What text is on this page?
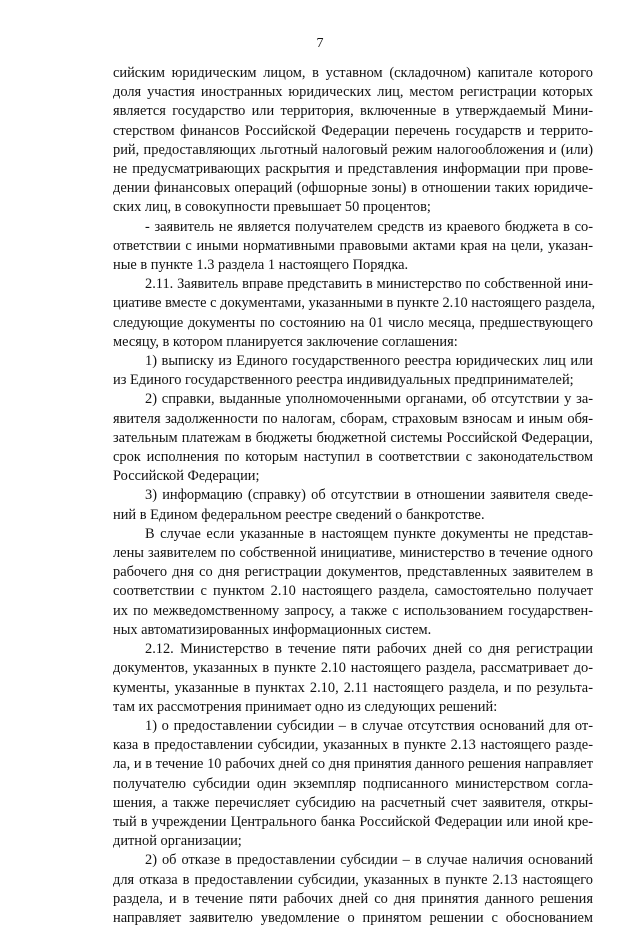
7
сийским юридическим лицом, в уставном (складочном) капитале которого
доля участия иностранных юридических лиц, местом регистрации которых
является государство или территория, включенные в утверждаемый Мини-
стерством финансов Российской Федерации перечень государств и террито-
рий, предоставляющих льготный налоговый режим налогообложения и (или)
не предусматривающих раскрытия и представления информации при прове-
дении финансовых операций (офшорные зоны) в отношении таких юридиче-
ских лиц, в совокупности превышает 50 процентов;
- заявитель не является получателем средств из краевого бюджета в со-
ответствии с иными нормативными правовыми актами края на цели, указан-
ные в пункте 1.3 раздела 1 настоящего Порядка.
2.11. Заявитель вправе представить в министерство по собственной ини-
циативе вместе с документами, указанными в пункте 2.10 настоящего раздела,
следующие документы по состоянию на 01 число месяца, предшествующего
месяцу, в котором планируется заключение соглашения:
1) выписку из Единого государственного реестра юридических лиц или
из Единого государственного реестра индивидуальных предпринимателей;
2) справки, выданные уполномоченными органами, об отсутствии у за-
явителя задолженности по налогам, сборам, страховым взносам и иным обя-
зательным платежам в бюджеты бюджетной системы Российской Федерации,
срок исполнения по которым наступил в соответствии с законодательством
Российской Федерации;
3) информацию (справку) об отсутствии в отношении заявителя сведе-
ний в Едином федеральном реестре сведений о банкротстве.
В случае если указанные в настоящем пункте документы не представ-
лены заявителем по собственной инициативе, министерство в течение одного
рабочего дня со дня регистрации документов, представленных заявителем в
соответствии с пунктом 2.10 настоящего раздела, самостоятельно получает
их по межведомственному запросу, а также с использованием государствен-
ных автоматизированных информационных систем.
2.12. Министерство в течение пяти рабочих дней со дня регистрации
документов, указанных в пункте 2.10 настоящего раздела, рассматривает до-
кументы, указанные в пунктах 2.10, 2.11 настоящего раздела, и по результа-
там их рассмотрения принимает одно из следующих решений:
1) о предоставлении субсидии – в случае отсутствия оснований для от-
каза в предоставлении субсидии, указанных в пункте 2.13 настоящего разде-
ла, и в течение 10 рабочих дней со дня принятия данного решения направляет
получателю субсидии один экземпляр подписанного министерством согла-
шения, а также перечисляет субсидию на расчетный счет заявителя, откры-
тый в учреждении Центрального банка Российской Федерации или иной кре-
дитной организации;
2) об отказе в предоставлении субсидии – в случае наличия оснований
для отказа в предоставлении субсидии, указанных в пункте 2.13 настоящего
раздела, и в течение пяти рабочих дней со дня принятия данного решения
направляет заявителю уведомление о принятом решении с обоснованием
